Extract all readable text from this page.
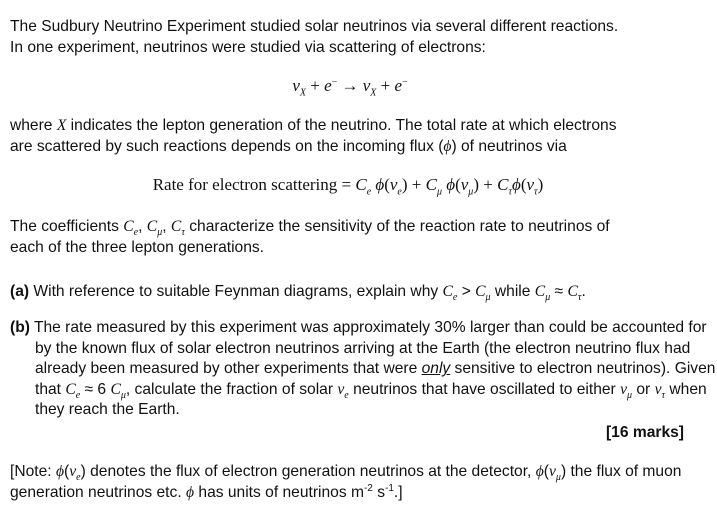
The Sudbury Neutrino Experiment studied solar neutrinos via several different reactions.
In one experiment, neutrinos were studied via scattering of electrons:

$\nu_X + e^- \to \nu_X + e^-$

where X indicates the lepton generation of the neutrino. The total rate at which electrons
are scattered by such reactions depends on the incoming flux (ϕ) of neutrinos via

Rate for electron scattering = $C_e$ $\phi(\nu_e) + C_\mu$ $\phi(\nu_\mu) + C_\tau\phi(\nu_\tau)$

The coefficients $C_e$, $C_\mu$, $C_\tau$ characterize the sensitivity of the reaction rate to neutrinos of
each of the three lepton generations.

(a) With reference to suitable Feynman diagrams, explain why $C_e > C_\mu$ while $C_\mu \approx C_\tau$.
(b) The rate measured by this experiment was approximately 30% larger than could be accounted for by the known flux of solar electron neutrinos arriving at the Earth (the electron neutrino flux had already been measured by other experiments that were only sensitive to electron neutrinos). Given that $C_e \approx 6$ $C_\mu$, calculate the fraction of solar $\nu_e$ neutrinos that have oscillated to either $\nu_\mu$ or $\nu_\tau$ when they reach the Earth.
[16 marks]

[Note: $\phi(\nu_e)$ denotes the flux of electron generation neutrinos at the detector, $\phi(\nu_\mu)$ the flux of muon generation neutrinos etc. ϕ has units of neutrinos $m^{-2}$ $s^{-1}$.]
